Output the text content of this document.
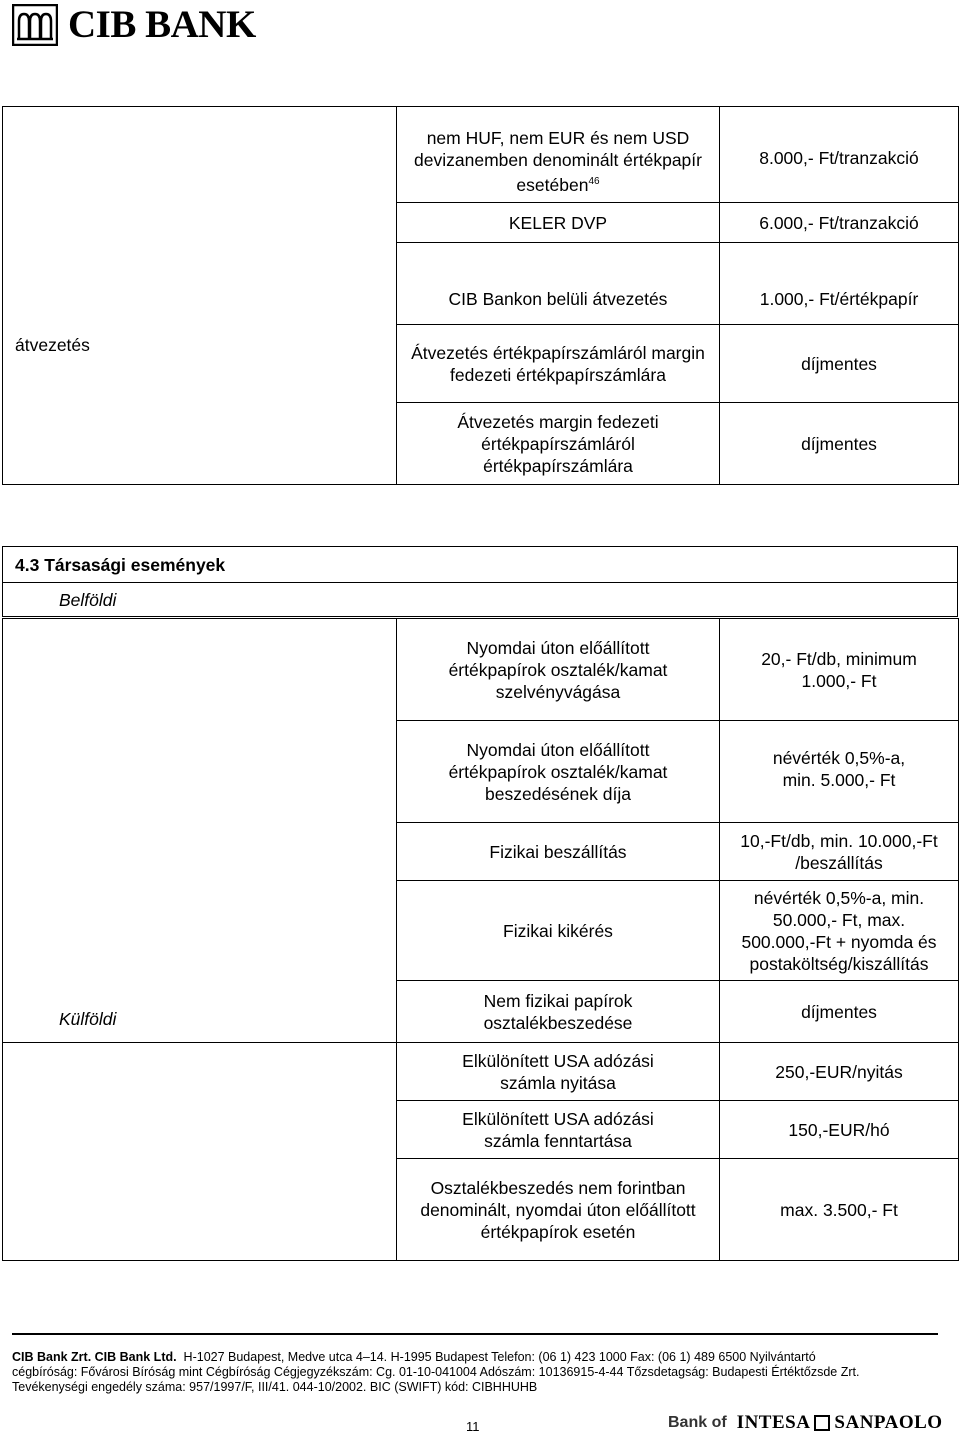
CIB BANK
átvezetés	nem HUF, nem EUR és nem USD devizanemben denominált értékpapír esetében$^{46}$	8.000,- Ft/tranzakció
	KELER DVP	6.000,- Ft/tranzakció
	CIB Bankon belüli átvezetés	1.000,- Ft/értékpapír
	Átvezetés értékpapírszámláról margin fedezeti értékpapírszámlára	díjmentes
	Átvezetés margin fedezeti értékpapírszámláról értékpapírszámlára	díjmentes
4.3 Társasági események
Belföldi
Külföldi	Nyomdai úton előállított értékpapírok osztalék/kamat szelvényvágása	20,- Ft/db, minimum 1.000,- Ft
	Nyomdai úton előállított értékpapírok osztalék/kamat beszedésének díja	névérték 0,5%-a, min. 5.000,- Ft
	Fizikai beszállítás	10,-Ft/db, min. 10.000,-Ft /beszállítás
	Fizikai kikérés	névérték 0,5%-a, min. 50.000,- Ft, max. 500.000,-Ft + nyomda és postaköltség/kiszállítás
	Nem fizikai papírok osztalékbeszedése	díjmentes
	Elkülönített USA adózási számla nyitása	250,-EUR/nyitás
	Elkülönített USA adózási számla fenntartása	150,-EUR/hó
	Osztalékbeszedés nem forintban denominált, nyomdai úton előállított értékpapírok esetén	max. 3.500,- Ft
CIB Bank Zrt. CIB Bank Ltd. H-1027 Budapest, Medve utca 4–14. H-1995 Budapest Telefon: (06 1) 423 1000 Fax: (06 1) 489 6500 Nyilvántartó
cégbíróság: Fővárosi Bíróság mint Cégbíróság Cégjegyzékszám: Cg. 01-10-041004 Adószám: 10136915-4-44 Tőzsdetagság: Budapesti Értéktőzsde Zrt.
Tevékenységi engedély száma: 957/1997/F, III/41. 044-10/2002. BIC (SWIFT) kód: CIBHHUHB
11	Bank of INTESA SANPAOLO
